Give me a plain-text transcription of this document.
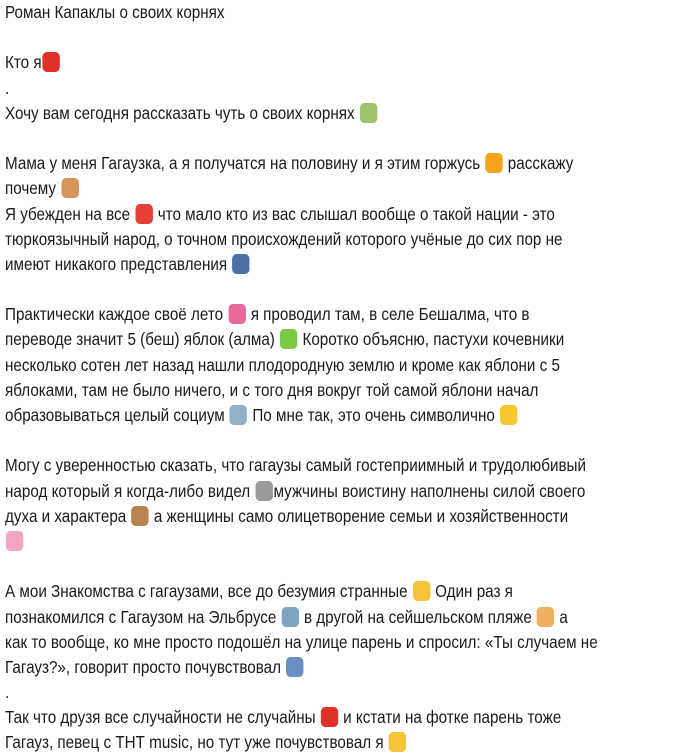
Роман Капаклы о своих корнях
Кто я
.
Хочу вам сегодня рассказать чуть о своих корнях
Мама у меня Гагаузка, а я получатся на половину и я этим горжусь  расскажу
почему
Я убежден на все  что мало кто из вас слышал вообще о такой нации - это
тюркоязычный народ, о точном происхождений которого учёные до сих пор не
имеют никакого представления
Практически каждое своё лето  я проводил там, в селе Бешалма, что в
переводе значит 5 (беш) яблок (алма)  Коротко объясню, пастухи кочевники
несколько сотен лет назад нашли плодородную землю и кроме как яблони с 5
яблоками, там не было ничего, и с того дня вокруг той самой яблони начал
образовываться целый социум  По мне так, это очень символично
Могу с уверенностью сказать, что гагаузы самый гостеприимный и трудолюбивый
народ который я когда-либо видел мужчины воистину наполнены силой своего
духа и характера  а женщины само олицетворение семьи и хозяйственности
А мои Знакомства с гагаузами, все до безумия странные  Один раз я
познакомился с Гагаузом на Эльбрусе  в другой на сейшельском пляже  а
как то вообще, ко мне просто подошёл на улице парень и спросил: «Ты случаем не
Гагауз?», говорит просто почувствовал
.
Так что друзя все случайности не случайны  и кстати на фотке парень тоже
Гагауз, певец с ТНТ music, но тут уже почувствовал я
